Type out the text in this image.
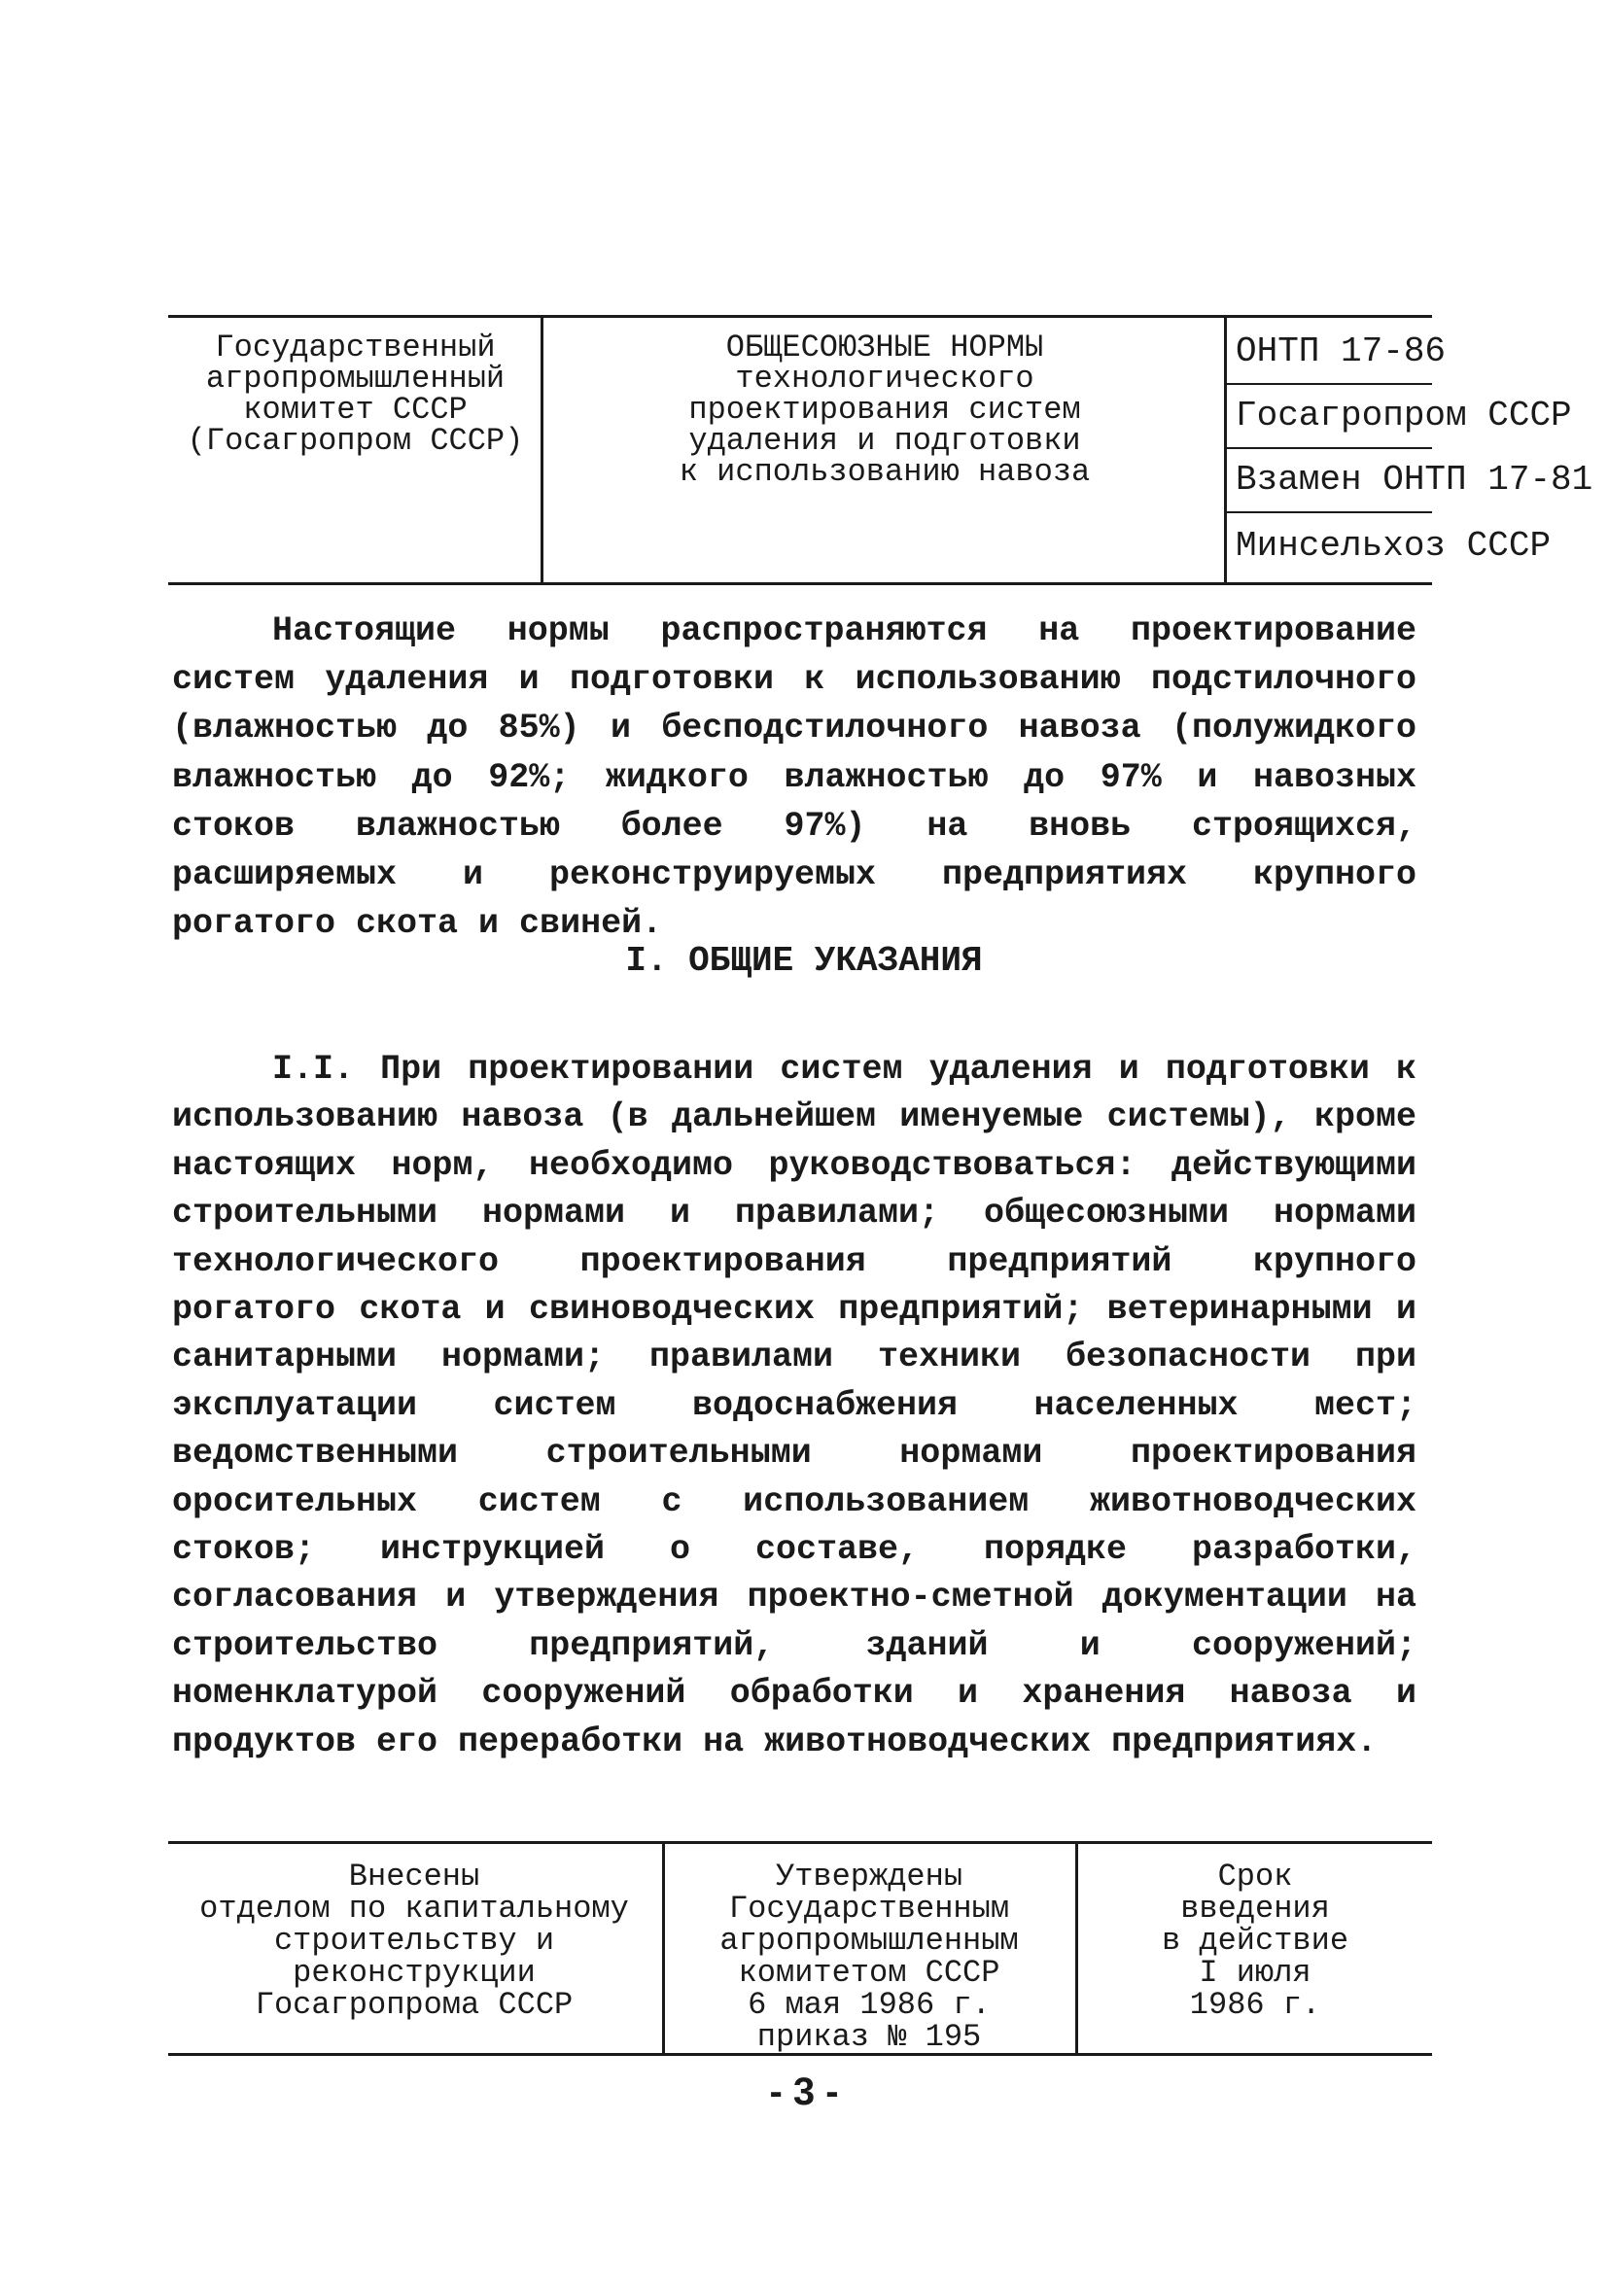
Государственный
агропромышленный
комитет СССР
(Госагропром СССР)
ОБЩЕСОЮЗНЫЕ НОРМЫ
технологического
проектирования систем
удаления и подготовки
к использованию навоза
ОНТП 17-86
Госагропром СССР
Взамен ОНТП 17-81
Минсельхоз СССР

Настоящие нормы распространяются на проектирование систем удаления и подготовки к использованию подстилочного (влажностью до 85%) и бесподстилочного навоза (полужидкого влажностью до 92%; жидкого влажностью до 97% и навозных стоков влажностью более 97%) на вновь строящихся, расширяемых и реконструируемых предприятиях крупного рогатого скота и свиней.

I. ОБЩИЕ УКАЗАНИЯ

I.I. При проектировании систем удаления и подготовки к использованию навоза (в дальнейшем именуемые системы), кроме настоящих норм, необходимо руководствоваться: действующими строительными нормами и правилами; общесоюзными нормами технологического проектирования предприятий крупного рогатого скота и свиноводческих предприятий; ветеринарными и санитарными нормами; правилами техники безопасности при эксплуатации систем водоснабжения населенных мест; ведомственными строительными нормами проектирования оросительных систем с использованием животноводческих стоков; инструкцией о составе, порядке разработки, согласования и утверждения проектно-сметной документации на строительство предприятий, зданий и сооружений; номенклатурой сооружений обработки и хранения навоза и продуктов его переработки на животноводческих предприятиях.

Внесены
отделом по капитальному
строительству и
реконструкции
Госагропрома СССР
Утверждены
Государственным
агропромышленным
комитетом СССР
6 мая 1986 г.
приказ № 195
Срок
введения
в действие
I июля
1986 г.
- 3 -
